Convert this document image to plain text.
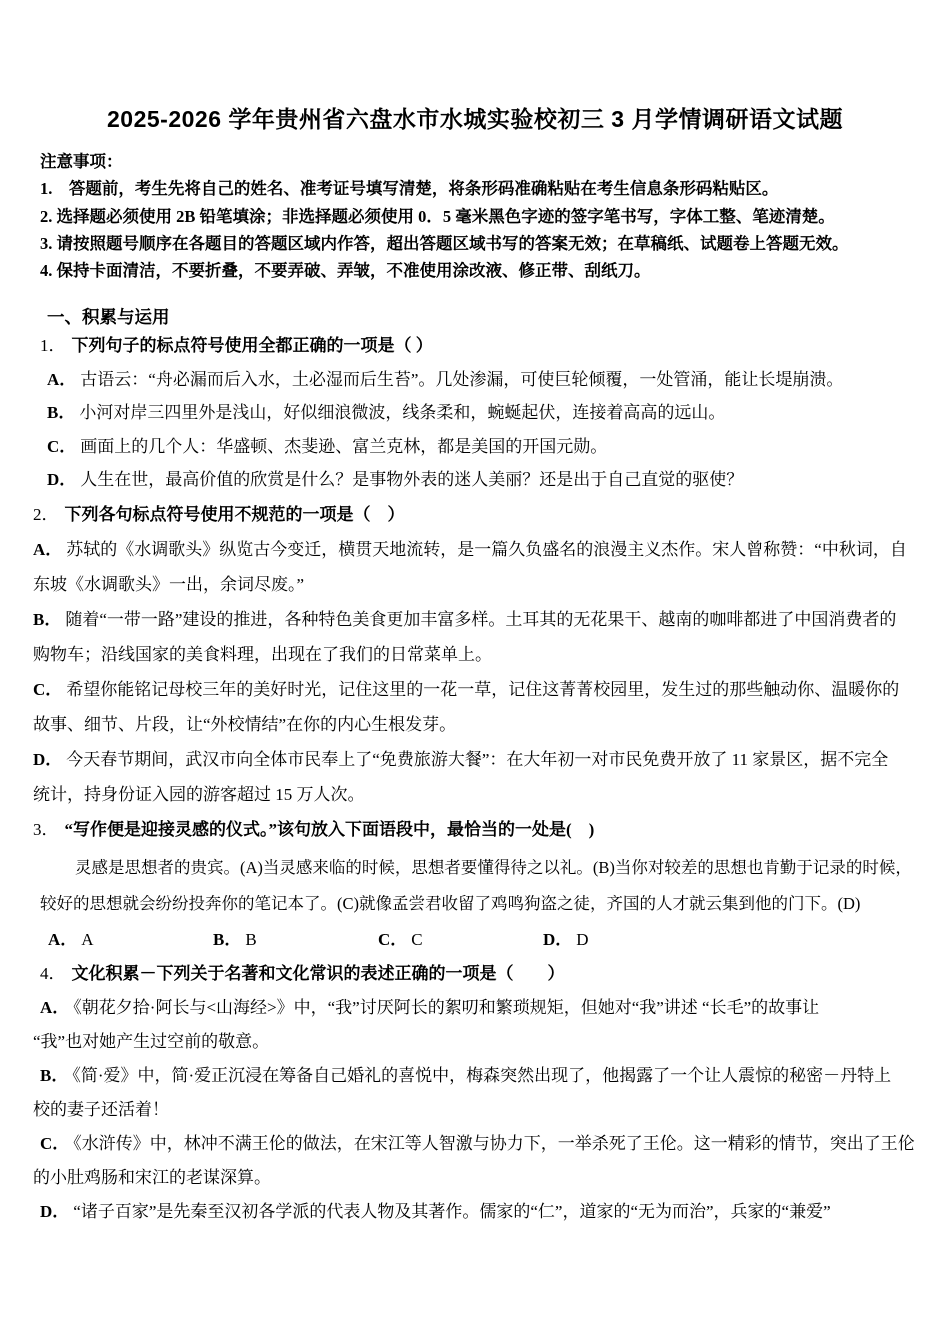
2025-2026 学年贵州省六盘水市水城实验校初三 3 月学情调研语文试题
注意事项：
1.　答题前，考生先将自己的姓名、准考证号填写清楚，将条形码准确粘贴在考生信息条形码粘贴区。
2. 选择题必须使用 2B 铅笔填涂；非选择题必须使用 0．5 毫米黑色字迹的签字笔书写，字体工整、笔迹清楚。
3. 请按照题号顺序在各题目的答题区域内作答，超出答题区域书写的答案无效；在草稿纸、试题卷上答题无效。
4. 保持卡面清洁，不要折叠，不要弄破、弄皱，不准使用涂改液、修正带、刮纸刀。
一、积累与运用
1． 下列句子的标点符号使用全都正确的一项是（ ）
A． 古语云：“舟必漏而后入水，土必湿而后生苔”。几处渗漏，可使巨轮倾覆，一处管涌，能让长堤崩溃。
B． 小河对岸三四里外是浅山，好似细浪微波，线条柔和，蜿蜒起伏，连接着高高的远山。
C． 画面上的几个人：华盛顿、杰斐逊、富兰克林，都是美国的开国元勋。
D． 人生在世，最高价值的欣赏是什么？是事物外表的迷人美丽？还是出于自己直觉的驱使？
2． 下列各句标点符号使用不规范的一项是（　）
A． 苏轼的《水调歌头》纵览古今变迁，横贯天地流转，是一篇久负盛名的浪漫主义杰作。宋人曾称赞：“中秋词，自
东坡《水调歌头》一出，余词尽废。”
B． 随着“一带一路”建设的推进，各种特色美食更加丰富多样。土耳其的无花果干、越南的咖啡都进了中国消费者的
购物车；沿线国家的美食料理，出现在了我们的日常菜单上。
C． 希望你能铭记母校三年的美好时光，记住这里的一花一草，记住这菁菁校园里，发生过的那些触动你、温暖你的
故事、细节、片段，让“外校情结”在你的内心生根发芽。
D． 今天春节期间，武汉市向全体市民奉上了“免费旅游大餐”：在大年初一对市民免费开放了 11 家景区，据不完全
统计，持身份证入园的游客超过 15 万人次。
3． “写作便是迎接灵感的仪式。”该句放入下面语段中，最恰当的一处是(　)
灵感是思想者的贵宾。(A)当灵感来临的时候，思想者要懂得待之以礼。(B)当你对较差的思想也肯勤于记录的时候，
较好的思想就会纷纷投奔你的笔记本了。(C)就像孟尝君收留了鸡鸣狗盗之徒，齐国的人才就云集到他的门下。(D)
A． A	B． B	C． C	D． D
4． 文化积累－下列关于名著和文化常识的表述正确的一项是（　　）
A． 《朝花夕拾·阿长与<山海经>》中，“我”讨厌阿长的絮叨和繁琐规矩，但她对“我”讲述 “长毛”的故事让
“我”也对她产生过空前的敬意。
B． 《简·爱》中，简·爱正沉浸在筹备自己婚礼的喜悦中，梅森突然出现了，他揭露了一个让人震惊的秘密－丹特上
校的妻子还活着！
C． 《水浒传》中，林冲不满王伦的做法，在宋江等人智激与协力下，一举杀死了王伦。这一精彩的情节，突出了王伦
的小肚鸡肠和宋江的老谋深算。
D． “诸子百家”是先秦至汉初各学派的代表人物及其著作。儒家的“仁”，道家的“无为而治”，兵家的“兼爱”
